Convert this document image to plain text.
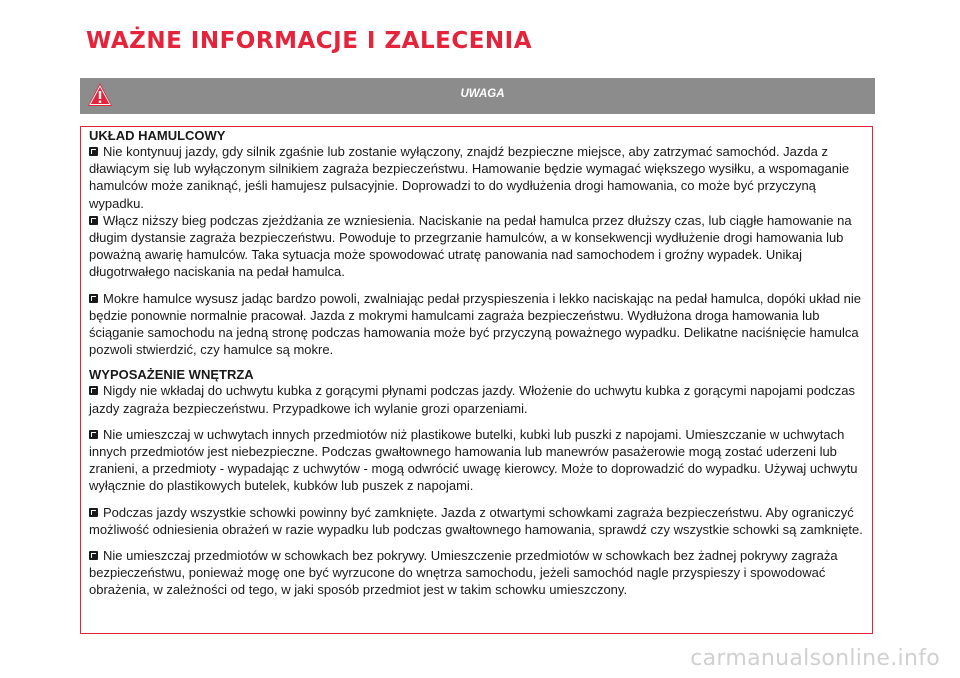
WAŻNE INFORMACJE I ZALECENIA
UWAGA
UKŁAD HAMULCOWY

Nie kontynuuj jazdy, gdy silnik zgaśnie lub zostanie wyłączony, znajdź bezpieczne miejsce, aby zatrzymać samochód. Jazda z dławiącym się lub wyłączonym silnikiem zagraża bezpieczeństwu. Hamowanie będzie wymagać większego wysiłku, a wspomaganie hamulców może zaniknąć, jeśli hamujesz pulsacyjnie. Doprowadzi to do wydłużenia drogi hamowania, co może być przyczyną wypadku.

Włącz niższy bieg podczas zjeżdżania ze wzniesienia. Naciskanie na pedał hamulca przez dłuższy czas, lub ciągłe hamowanie na długim dystansie zagraża bezpieczeństwu. Powoduje to przegrzanie hamulców, a w konsekwencji wydłużenie drogi hamowania lub poważną awarię hamulców. Taka sytuacja może spowodować utratę panowania nad samochodem i groźny wypadek. Unikaj długotrwałego naciskania na pedał hamulca.

Mokre hamulce wysusz jadąc bardzo powoli, zwalniając pedał przyspieszenia i lekko naciskając na pedał hamulca, dopóki układ nie będzie ponownie normalnie pracował. Jazda z mokrymi hamulcami zagraża bezpieczeństwu. Wydłużona droga hamowania lub ściąganie samochodu na jedną stronę podczas hamowania może być przyczyną poważnego wypadku. Delikatne naciśnięcie hamulca pozwoli stwierdzić, czy hamulce są mokre.

WYPOSAŻENIE WNĘTRZA

Nigdy nie wkładaj do uchwytu kubka z gorącymi płynami podczas jazdy. Włożenie do uchwytu kubka z gorącymi napojami podczas jazdy zagraża bezpieczeństwu. Przypadkowe ich wylanie grozi oparzeniami.

Nie umieszczaj w uchwytach innych przedmiotów niż plastikowe butelki, kubki lub puszki z napojami. Umieszczanie w uchwytach innych przedmiotów jest niebezpieczne. Podczas gwałtownego hamowania lub manewrów pasażerowie mogą zostać uderzeni lub zranieni, a przedmioty - wypadając z uchwytów - mogą odwrócić uwagę kierowcy. Może to doprowadzić do wypadku. Używaj uchwytu wyłącznie do plastikowych butelek, kubków lub puszek z napojami.

Podczas jazdy wszystkie schowki powinny być zamknięte. Jazda z otwartymi schowkami zagraża bezpieczeństwu. Aby ograniczyć możliwość odniesienia obrażeń w razie wypadku lub podczas gwałtownego hamowania, sprawdź czy wszystkie schowki są zamknięte.

Nie umieszczaj przedmiotów w schowkach bez pokrywy. Umieszczenie przedmiotów w schowkach bez żadnej pokrywy zagraża bezpieczeństwu, ponieważ mogę one być wyrzucone do wnętrza samochodu, jeżeli samochód nagle przyspieszy i spowodować obrażenia, w zależności od tego, w jaki sposób przedmiot jest w takim schowku umieszczony.

carmanualsonline.info
